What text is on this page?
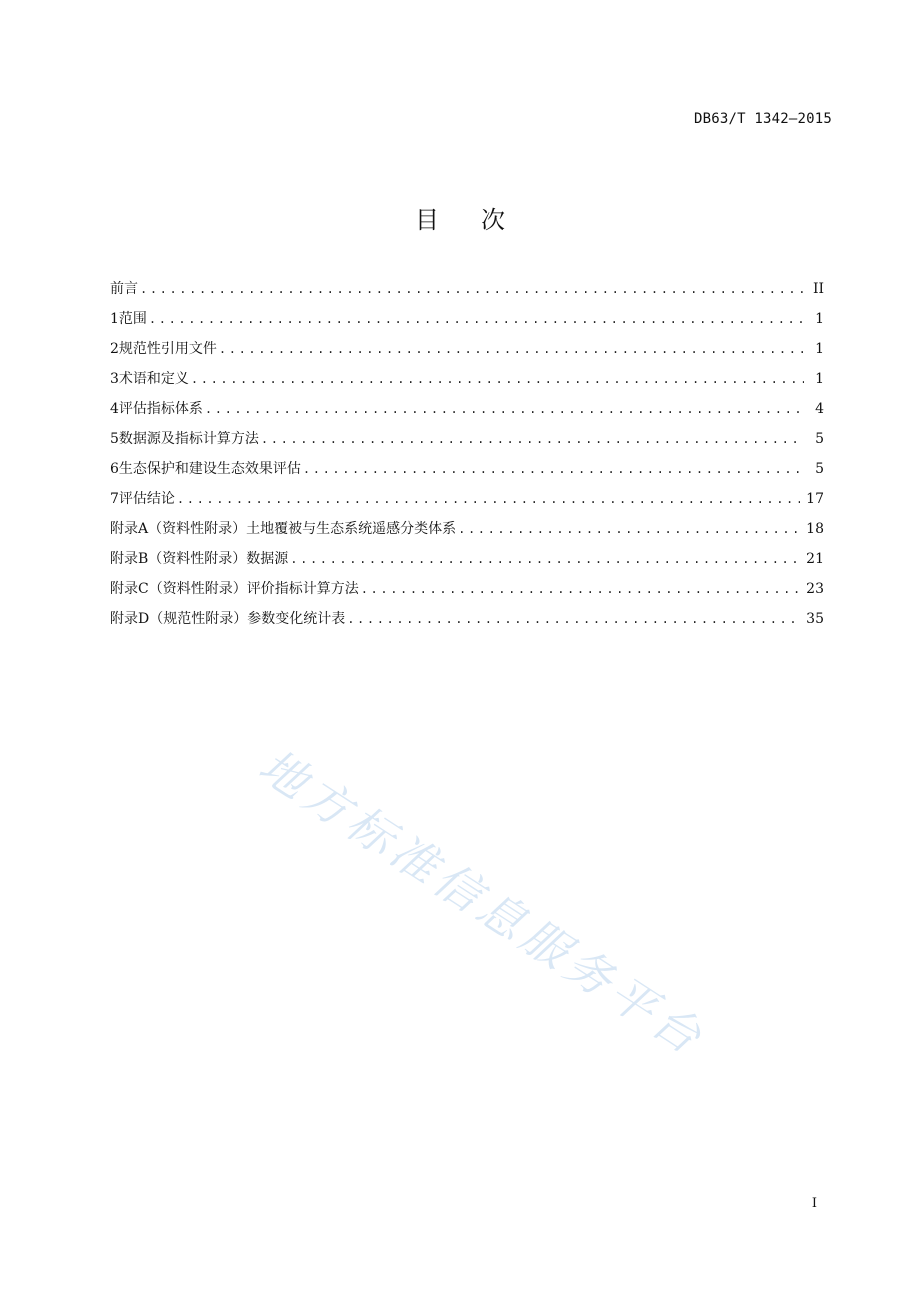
DB63/T 1342—2015
目 次
前言 .....	II
1 范围 .....	1
2 规范性引用文件 .....	1
3 术语和定义 .....	1
4 评估指标体系 .....	4
5 数据源及指标计算方法 .....	5
6 生态保护和建设生态效果评估 .....	5
7 评估结论 .....	17
附录A（资料性附录） 土地覆被与生态系统遥感分类体系 .....	18
附录B（资料性附录） 数据源 .....	21
附录C（资料性附录） 评价指标计算方法 .....	23
附录D（规范性附录） 参数变化统计表 .....	35
地方标准信息服务平台
I
